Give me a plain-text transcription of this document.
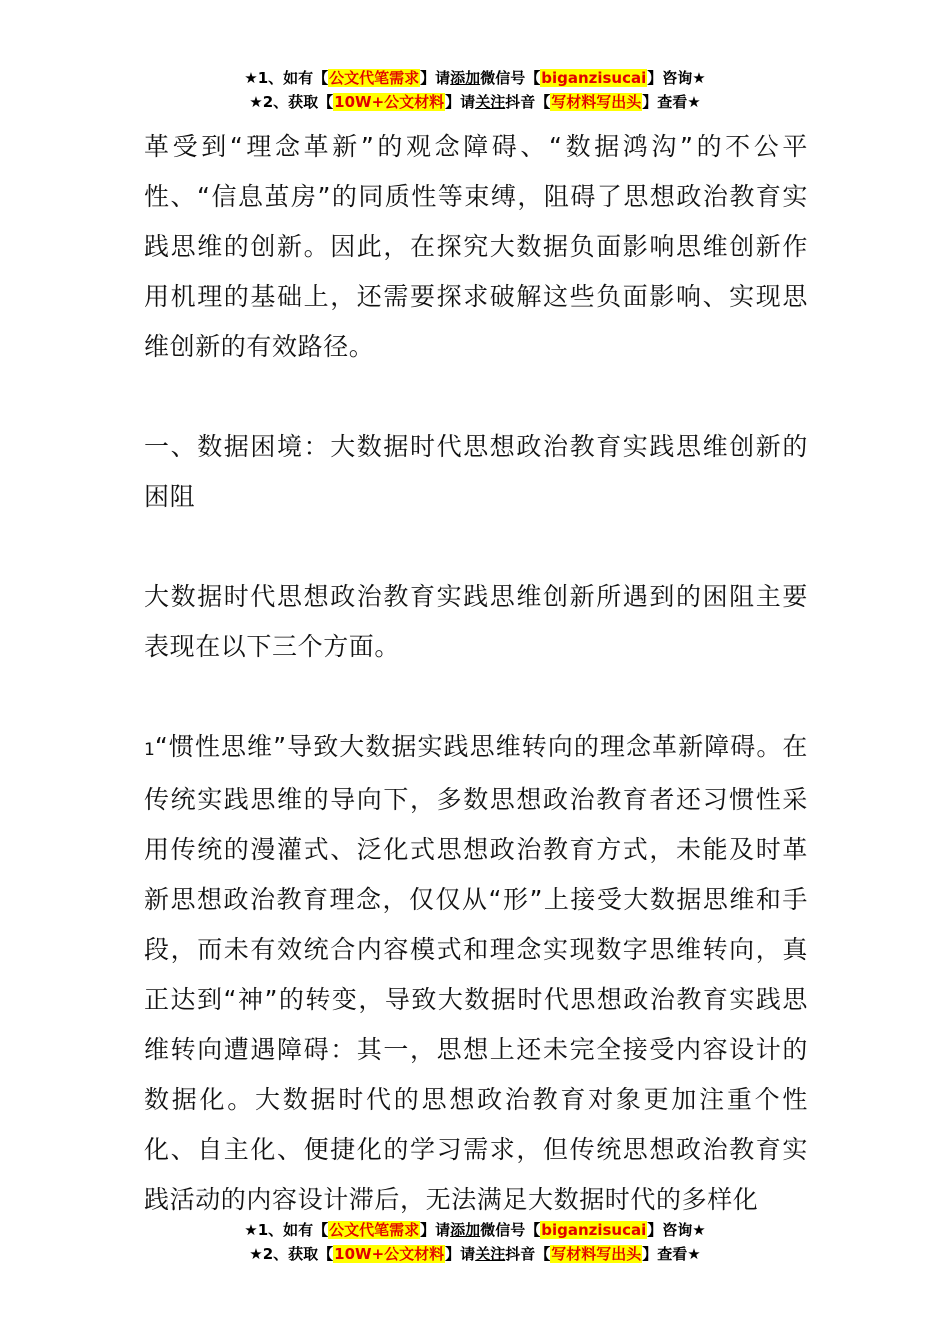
★1、如有【公文代笔需求】请添加微信号【biganzisucai】咨询★
★2、获取【10W+公文材料】请关注抖音【写材料写出头】查看★

革受到“理念革新”的观念障碍、“数据鸿沟”的不公平性、“信息茧房”的同质性等束缚，阻碍了思想政治教育实践思维的创新。因此，在探究大数据负面影响思维创新作用机理的基础上，还需要探求破解这些负面影响、实现思维创新的有效路径。

一、数据困境：大数据时代思想政治教育实践思维创新的困阻

大数据时代思想政治教育实践思维创新所遇到的困阻主要表现在以下三个方面。

1“惯性思维”导致大数据实践思维转向的理念革新障碍。在传统实践思维的导向下，多数思想政治教育者还习惯性采用传统的漫灌式、泛化式思想政治教育方式，未能及时革新思想政治教育理念，仅仅从“形”上接受大数据思维和手段，而未有效统合内容模式和理念实现数字思维转向，真正达到“神”的转变，导致大数据时代思想政治教育实践思维转向遭遇障碍：其一，思想上还未完全接受内容设计的数据化。大数据时代的思想政治教育对象更加注重个性化、自主化、便捷化的学习需求，但传统思想政治教育实践活动的内容设计滞后，无法满足大数据时代的多样化

★1、如有【公文代笔需求】请添加微信号【biganzisucai】咨询★
★2、获取【10W+公文材料】请关注抖音【写材料写出头】查看★
